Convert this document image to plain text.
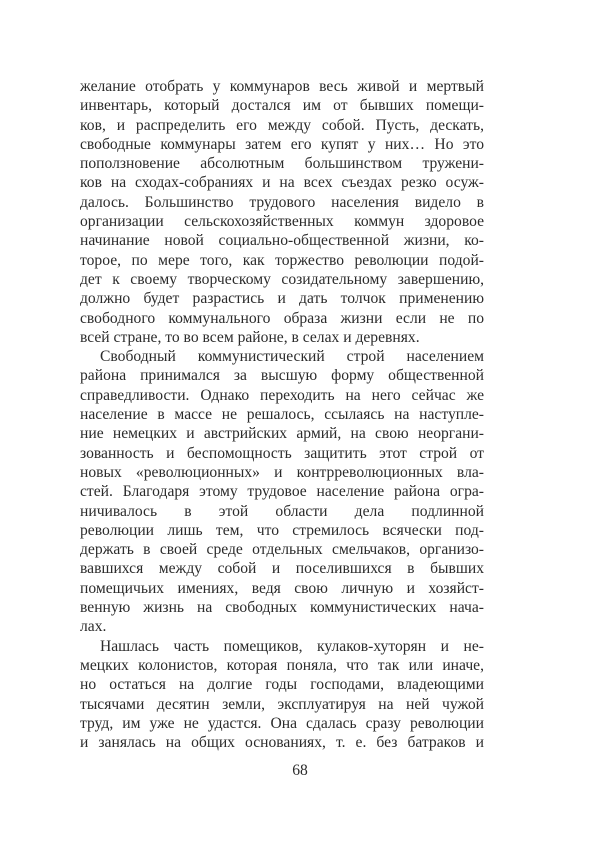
желание отобрать у коммунаров весь живой и мертвый
инвентарь, который достался им от бывших помещи-
ков, и распределить его между собой. Пусть, дескать,
свободные коммунары затем его купят у них… Но это
поползновение абсолютным большинством тружени-
ков на сходах-собраниях и на всех съездах резко осуж-
далось. Большинство трудового населения видело в
организации сельскохозяйственных коммун здоровое
начинание новой социально-общественной жизни, ко-
торое, по мере того, как торжество революции подой-
дет к своему творческому созидательному завершению,
должно будет разрастись и дать толчок применению
свободного коммунального образа жизни если не по
всей стране, то во всем районе, в селах и деревнях.
Свободный коммунистический строй населением
района принимался за высшую форму общественной
справедливости. Однако переходить на него сейчас же
население в массе не решалось, ссылаясь на наступле-
ние немецких и австрийских армий, на свою неоргани-
зованность и беспомощность защитить этот строй от
новых «революционных» и контрреволюционных вла-
стей. Благодаря этому трудовое население района огра-
ничивалось в этой области дела подлинной
революции лишь тем, что стремилось всячески под-
держать в своей среде отдельных смельчаков, организо-
вавшихся между собой и поселившихся в бывших
помещичьих имениях, ведя свою личную и хозяйст-
венную жизнь на свободных коммунистических нача-
лах.
Нашлась часть помещиков, кулаков-хуторян и не-
мецких колонистов, которая поняла, что так или иначе,
но остаться на долгие годы господами, владеющими
тысячами десятин земли, эксплуатируя на ней чужой
труд, им уже не удастся. Она сдалась сразу революции
и занялась на общих основаниях, т. е. без батраков и
68
